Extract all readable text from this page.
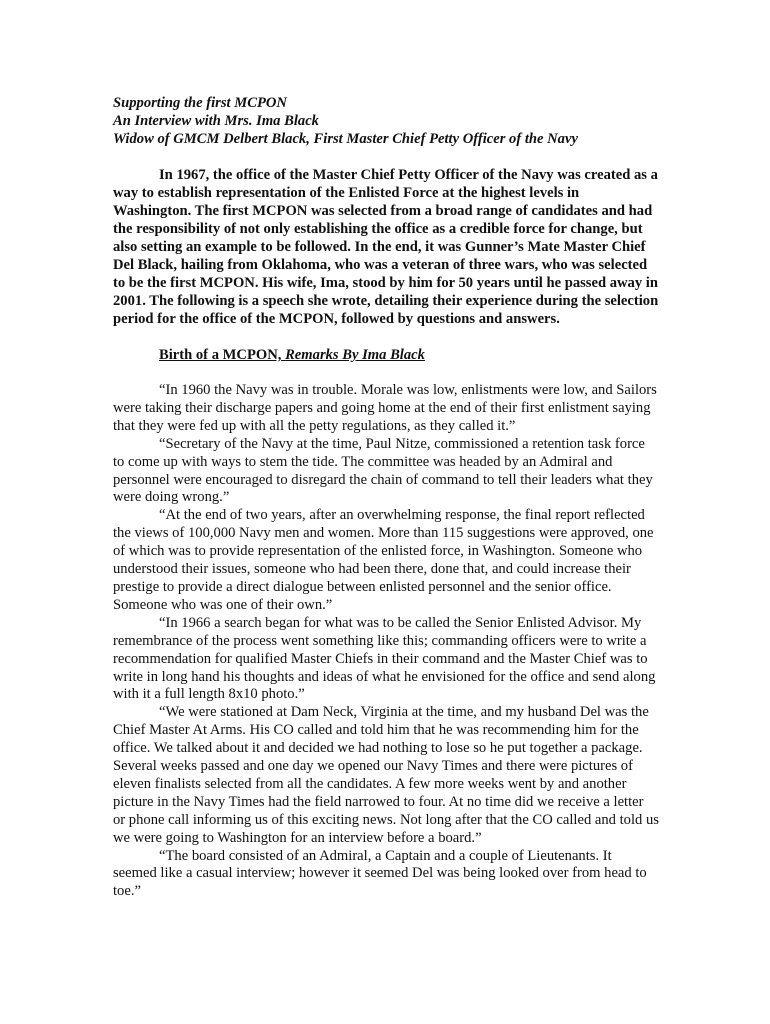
Supporting the first MCPON
An Interview with Mrs. Ima Black
Widow of GMCM Delbert Black, First Master Chief Petty Officer of the Navy
In 1967, the office of the Master Chief Petty Officer of the Navy was created as a way to establish representation of the Enlisted Force at the highest levels in Washington. The first MCPON was selected from a broad range of candidates and had the responsibility of not only establishing the office as a credible force for change, but also setting an example to be followed. In the end, it was Gunner’s Mate Master Chief Del Black, hailing from Oklahoma, who was a veteran of three wars, who was selected to be the first MCPON. His wife, Ima, stood by him for 50 years until he passed away in 2001. The following is a speech she wrote, detailing their experience during the selection period for the office of the MCPON, followed by questions and answers.
Birth of a MCPON, Remarks By Ima Black

“In 1960 the Navy was in trouble. Morale was low, enlistments were low, and Sailors were taking their discharge papers and going home at the end of their first enlistment saying that they were fed up with all the petty regulations, as they called it.”

“Secretary of the Navy at the time, Paul Nitze, commissioned a retention task force to come up with ways to stem the tide. The committee was headed by an Admiral and personnel were encouraged to disregard the chain of command to tell their leaders what they were doing wrong.”

“At the end of two years, after an overwhelming response, the final report reflected the views of 100,000 Navy men and women. More than 115 suggestions were approved, one of which was to provide representation of the enlisted force, in Washington. Someone who understood their issues, someone who had been there, done that, and could increase their prestige to provide a direct dialogue between enlisted personnel and the senior office. Someone who was one of their own.”

“In 1966 a search began for what was to be called the Senior Enlisted Advisor. My remembrance of the process went something like this; commanding officers were to write a recommendation for qualified Master Chiefs in their command and the Master Chief was to write in long hand his thoughts and ideas of what he envisioned for the office and send along with it a full length 8x10 photo.”

“We were stationed at Dam Neck, Virginia at the time, and my husband Del was the Chief Master At Arms. His CO called and told him that he was recommending him for the office. We talked about it and decided we had nothing to lose so he put together a package. Several weeks passed and one day we opened our Navy Times and there were pictures of eleven finalists selected from all the candidates. A few more weeks went by and another picture in the Navy Times had the field narrowed to four. At no time did we receive a letter or phone call informing us of this exciting news. Not long after that the CO called and told us we were going to Washington for an interview before a board.”

“The board consisted of an Admiral, a Captain and a couple of Lieutenants. It seemed like a casual interview; however it seemed Del was being looked over from head to toe.”
